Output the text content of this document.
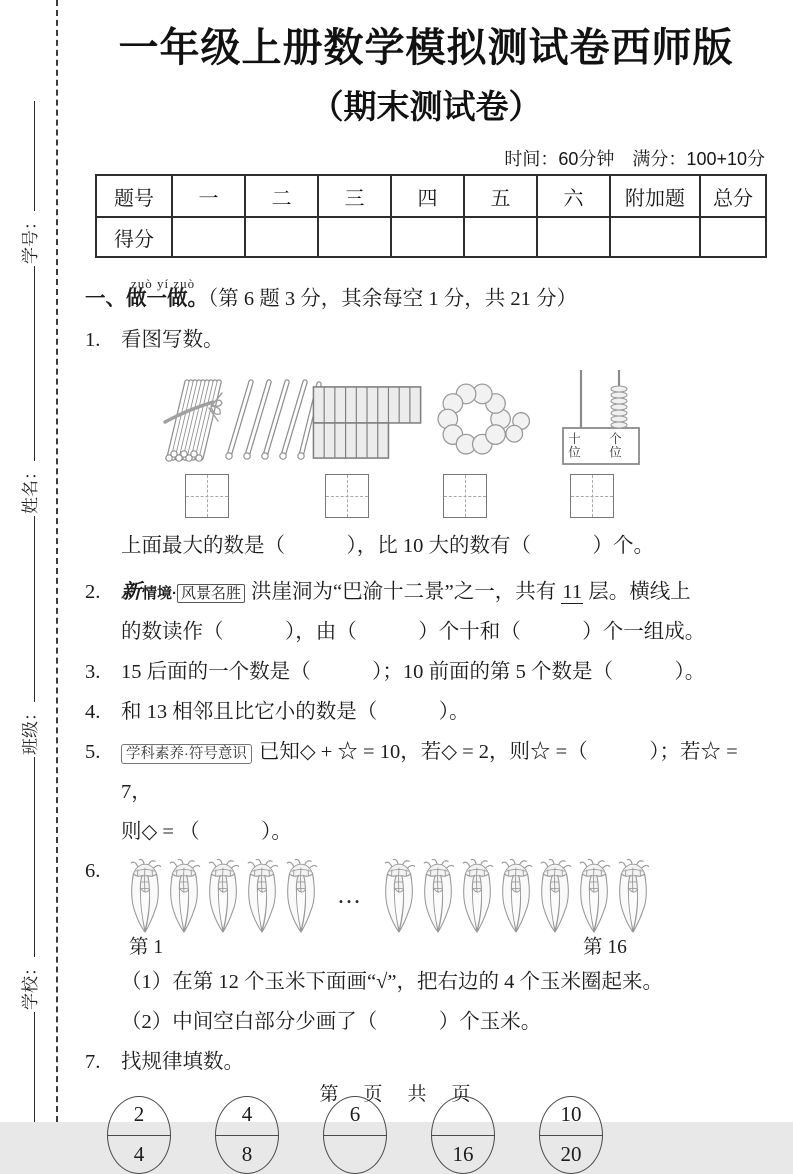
学校：
班级：
姓名：
学号：
一年级上册数学模拟测试卷西师版
（期末测试卷）
时间：60分钟　满分：100+10分
题号	一	二	三	四	五	六	附加题	总分
得分								
zuò yí zuò
一、做一做。（第 6 题 3 分，其余每空 1 分，共 21 分）
1.	看图写数。
十位 个位
上面最大的数是（　　　），比 10 大的数有（　　　）个。
2.	新情境· 风景名胜 洪崖洞为“巴渝十二景”之一，共有 11 层。横线上
的数读作（　　　），由（　　　）个十和（　　　）个一组成。
3.	15 后面的一个数是（　　　）；10 前面的第 5 个数是（　　　）。
4.	和 13 相邻且比它小的数是（　　　）。
5.	学科素养·符号意识 已知◇ + ☆ = 10，若◇ = 2，则☆ =（　　　）；若☆ = 7，
则◇ = （　　　）。
6.
…
第 1	第 16
（1）在第 12 个玉米下面画“√”，把右边的 4 个玉米圈起来。
（2）中间空白部分少画了（　　　）个玉米。
7.	找规律填数。
2
4
4
8
6
16
10
20
第　页　共　页
